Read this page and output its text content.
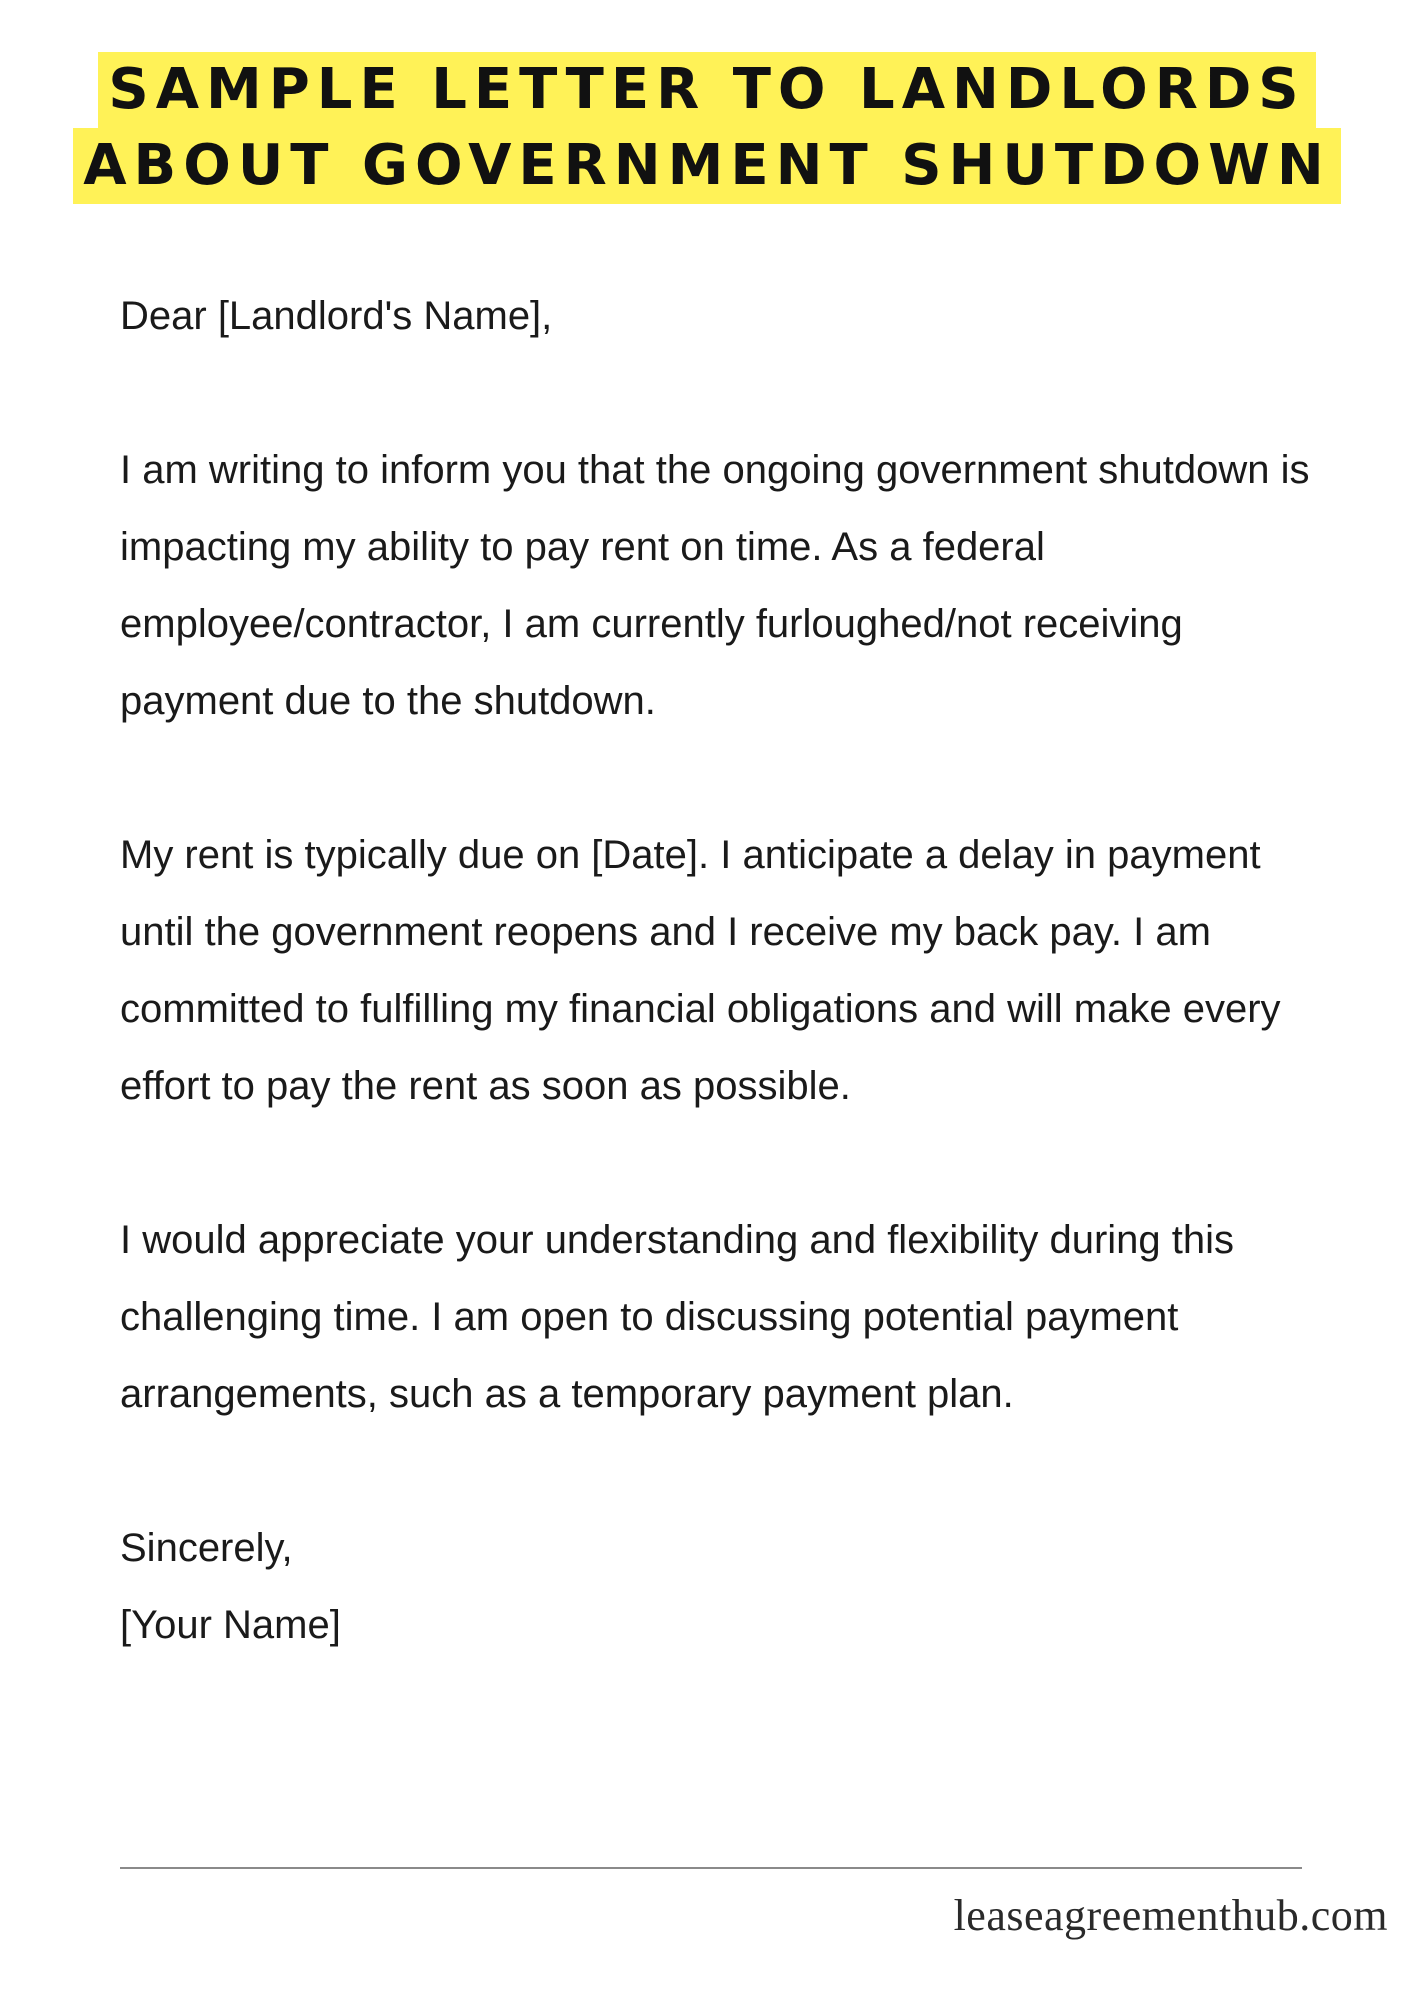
SAMPLE LETTER TO LANDLORDS
ABOUT GOVERNMENT SHUTDOWN

Dear [Landlord's Name],

I am writing to inform you that the ongoing government shutdown is impacting my ability to pay rent on time. As a federal employee/contractor, I am currently furloughed/not receiving payment due to the shutdown.

My rent is typically due on [Date]. I anticipate a delay in payment until the government reopens and I receive my back pay. I am committed to fulfilling my financial obligations and will make every effort to pay the rent as soon as possible.

I would appreciate your understanding and flexibility during this challenging time. I am open to discussing potential payment arrangements, such as a temporary payment plan.

Sincerely,

[Your Name]

leaseagreementhub.com
